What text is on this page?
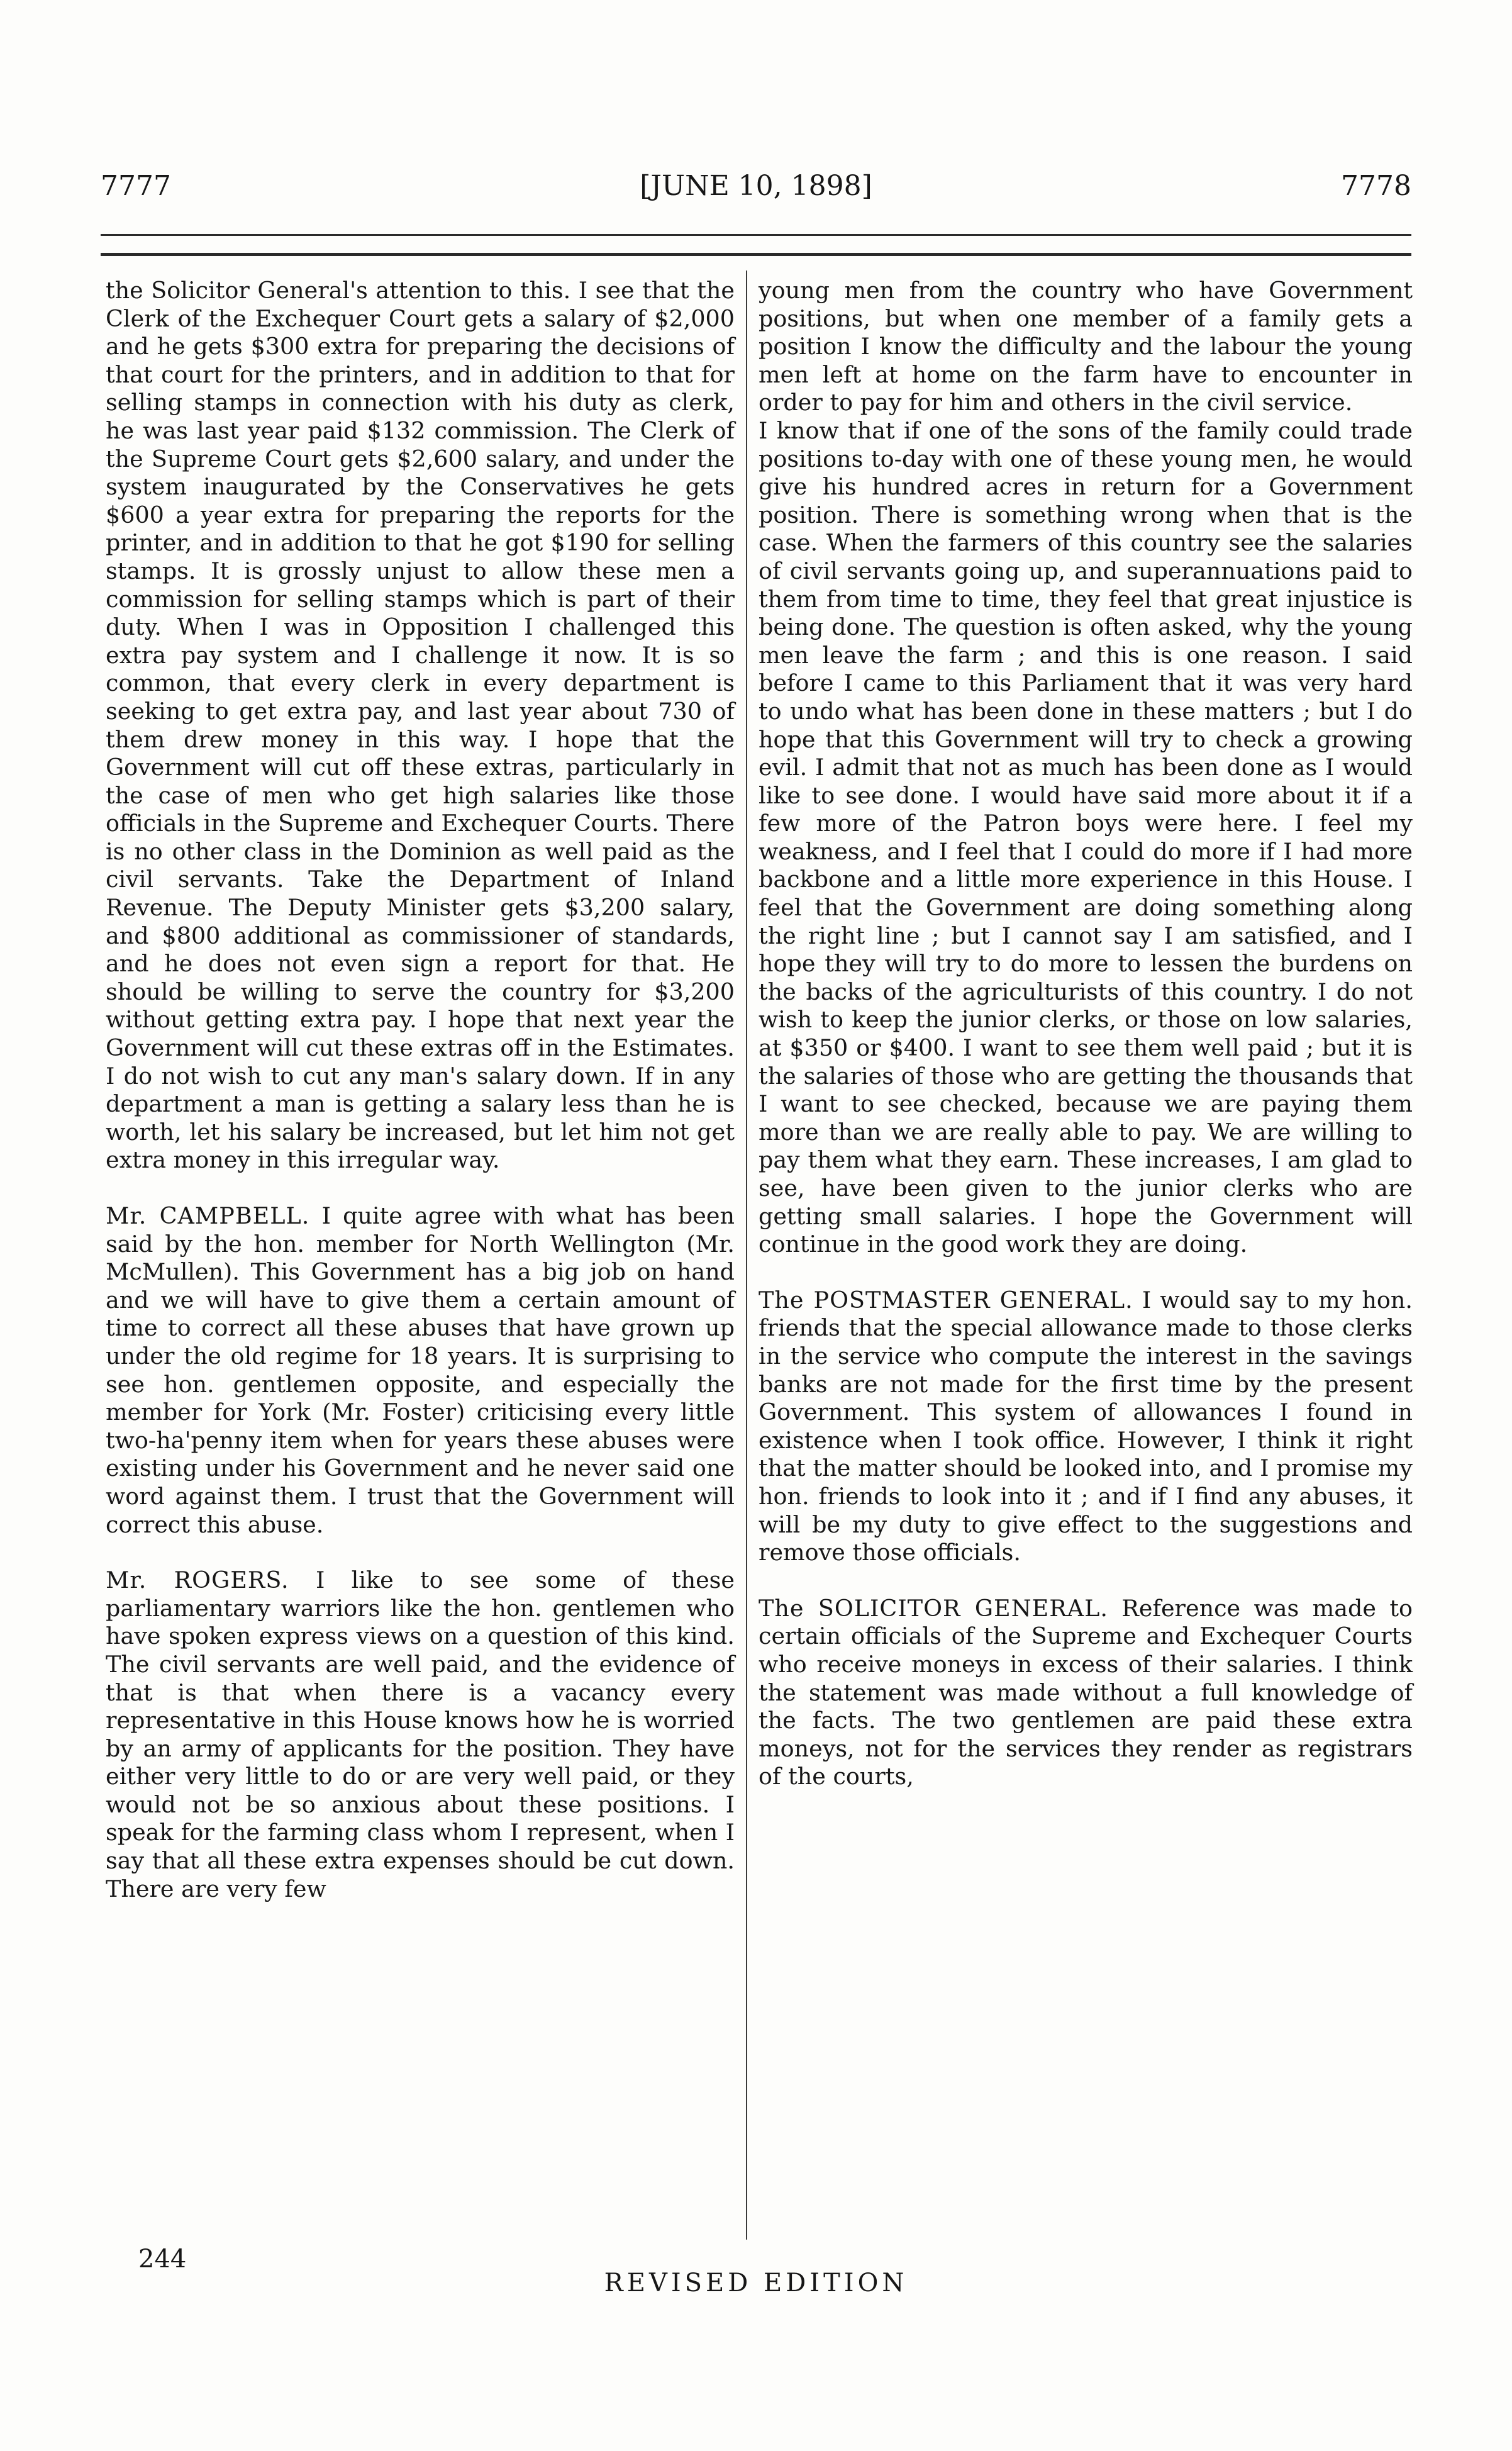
7777	[JUNE 10, 1898]	7778

the Solicitor General's attention to this. I see that the Clerk of the Exchequer Court gets a salary of $2,000 and he gets $300 extra for preparing the decisions of that court for the printers, and in addition to that for selling stamps in connection with his duty as clerk, he was last year paid $132 commission. The Clerk of the Supreme Court gets $2,600 salary, and under the system inaugurated by the Conservatives he gets $600 a year extra for preparing the reports for the printer, and in addition to that he got $190 for selling stamps. It is grossly unjust to allow these men a commission for selling stamps which is part of their duty. When I was in Opposition I challenged this extra pay system and I challenge it now. It is so common, that every clerk in every department is seeking to get extra pay, and last year about 730 of them drew money in this way. I hope that the Government will cut off these extras, particularly in the case of men who get high salaries like those officials in the Supreme and Exchequer Courts. There is no other class in the Dominion as well paid as the civil servants. Take the Department of Inland Revenue. The Deputy Minister gets $3,200 salary, and $800 additional as commissioner of standards, and he does not even sign a report for that. He should be willing to serve the country for $3,200 without getting extra pay. I hope that next year the Government will cut these extras off in the Estimates. I do not wish to cut any man's salary down. If in any department a man is getting a salary less than he is worth, let his salary be increased, but let him not get extra money in this irregular way.

Mr. CAMPBELL. I quite agree with what has been said by the hon. member for North Wellington (Mr. McMullen). This Government has a big job on hand and we will have to give them a certain amount of time to correct all these abuses that have grown up under the old regime for 18 years. It is surprising to see hon. gentlemen opposite, and especially the member for York (Mr. Foster) criticising every little two-ha'penny item when for years these abuses were existing under his Government and he never said one word against them. I trust that the Government will correct this abuse.

Mr. ROGERS. I like to see some of these parliamentary warriors like the hon. gentlemen who have spoken express views on a question of this kind. The civil servants are well paid, and the evidence of that is that when there is a vacancy every representative in this House knows how he is worried by an army of applicants for the position. They have either very little to do or are very well paid, or they would not be so anxious about these positions. I speak for the farming class whom I represent, when I say that all these extra expenses should be cut down. There are very few

young men from the country who have Government positions, but when one member of a family gets a position I know the difficulty and the labour the young men left at home on the farm have to encounter in order to pay for him and others in the civil service.

I know that if one of the sons of the family could trade positions to-day with one of these young men, he would give his hundred acres in return for a Government position. There is something wrong when that is the case. When the farmers of this country see the salaries of civil servants going up, and superannuations paid to them from time to time, they feel that great injustice is being done. The question is often asked, why the young men leave the farm ; and this is one reason. I said before I came to this Parliament that it was very hard to undo what has been done in these matters ; but I do hope that this Government will try to check a growing evil. I admit that not as much has been done as I would like to see done. I would have said more about it if a few more of the Patron boys were here. I feel my weakness, and I feel that I could do more if I had more backbone and a little more experience in this House. I feel that the Government are doing something along the right line ; but I cannot say I am satisfied, and I hope they will try to do more to lessen the burdens on the backs of the agriculturists of this country. I do not wish to keep the junior clerks, or those on low salaries, at $350 or $400. I want to see them well paid ; but it is the salaries of those who are getting the thousands that I want to see checked, because we are paying them more than we are really able to pay. We are willing to pay them what they earn. These increases, I am glad to see, have been given to the junior clerks who are getting small salaries. I hope the Government will continue in the good work they are doing.

The POSTMASTER GENERAL. I would say to my hon. friends that the special allowance made to those clerks in the service who compute the interest in the savings banks are not made for the first time by the present Government. This system of allowances I found in existence when I took office. However, I think it right that the matter should be looked into, and I promise my hon. friends to look into it ; and if I find any abuses, it will be my duty to give effect to the suggestions and remove those officials.

The SOLICITOR GENERAL. Reference was made to certain officials of the Supreme and Exchequer Courts who receive moneys in excess of their salaries. I think the statement was made without a full knowledge of the facts. The two gentlemen are paid these extra moneys, not for the services they render as registrars of the courts,

244
REVISED EDITION
